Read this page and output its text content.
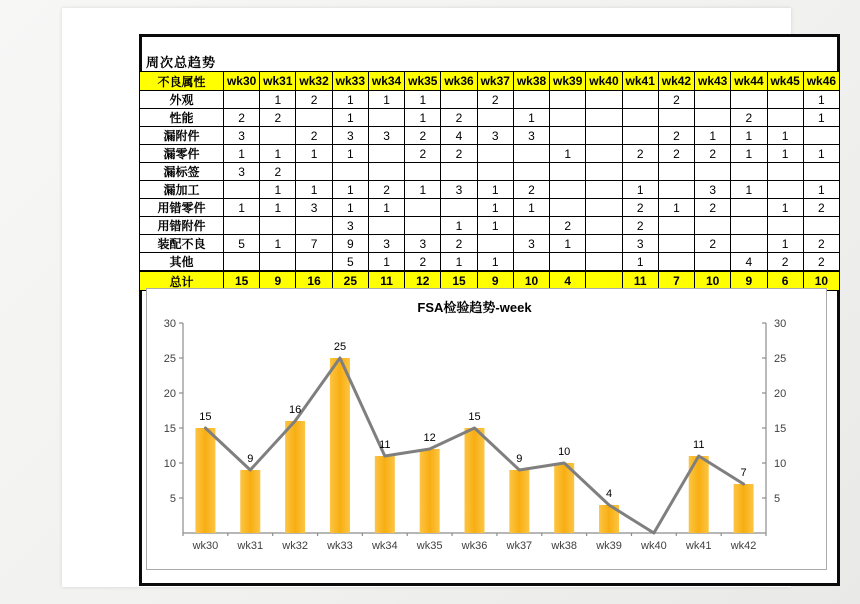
周次总趋势
不良属性	wk30	wk31	wk32	wk33	wk34	wk35	wk36	wk37	wk38	wk39	wk40	wk41	wk42	wk43	wk44	wk45	wk46
外观		1	2	1	1	1		2					2				1
性能	2	2		1		1	2		1						2		1
漏附件	3		2	3	3	2	4	3	3				2	1	1	1	
漏零件	1	1	1	1		2	2			1		2	2	2	1	1	1
漏标签	3	2															
漏加工		1	1	1	2	1	3	1	2			1		3	1		1
用错零件	1	1	3	1	1			1	1			2	1	2		1	2
用错附件				3			1	1		2		2					
装配不良	5	1	7	9	3	3	2		3	1		3		2		1	2
其他				5	1	2	1	1				1			4	2	2
总计	15	9	16	25	11	12	15	9	10	4		11	7	10	9	6	10
FSA检验趋势-week
5	5
10	10
15	15
20	20
25	25
30	30
15
wk30
9
wk31
16
wk32
25
wk33
11
wk34
12
wk35
15
wk36
9
wk37
10
wk38
4
wk39 wk40
11
wk41
7
wk42
